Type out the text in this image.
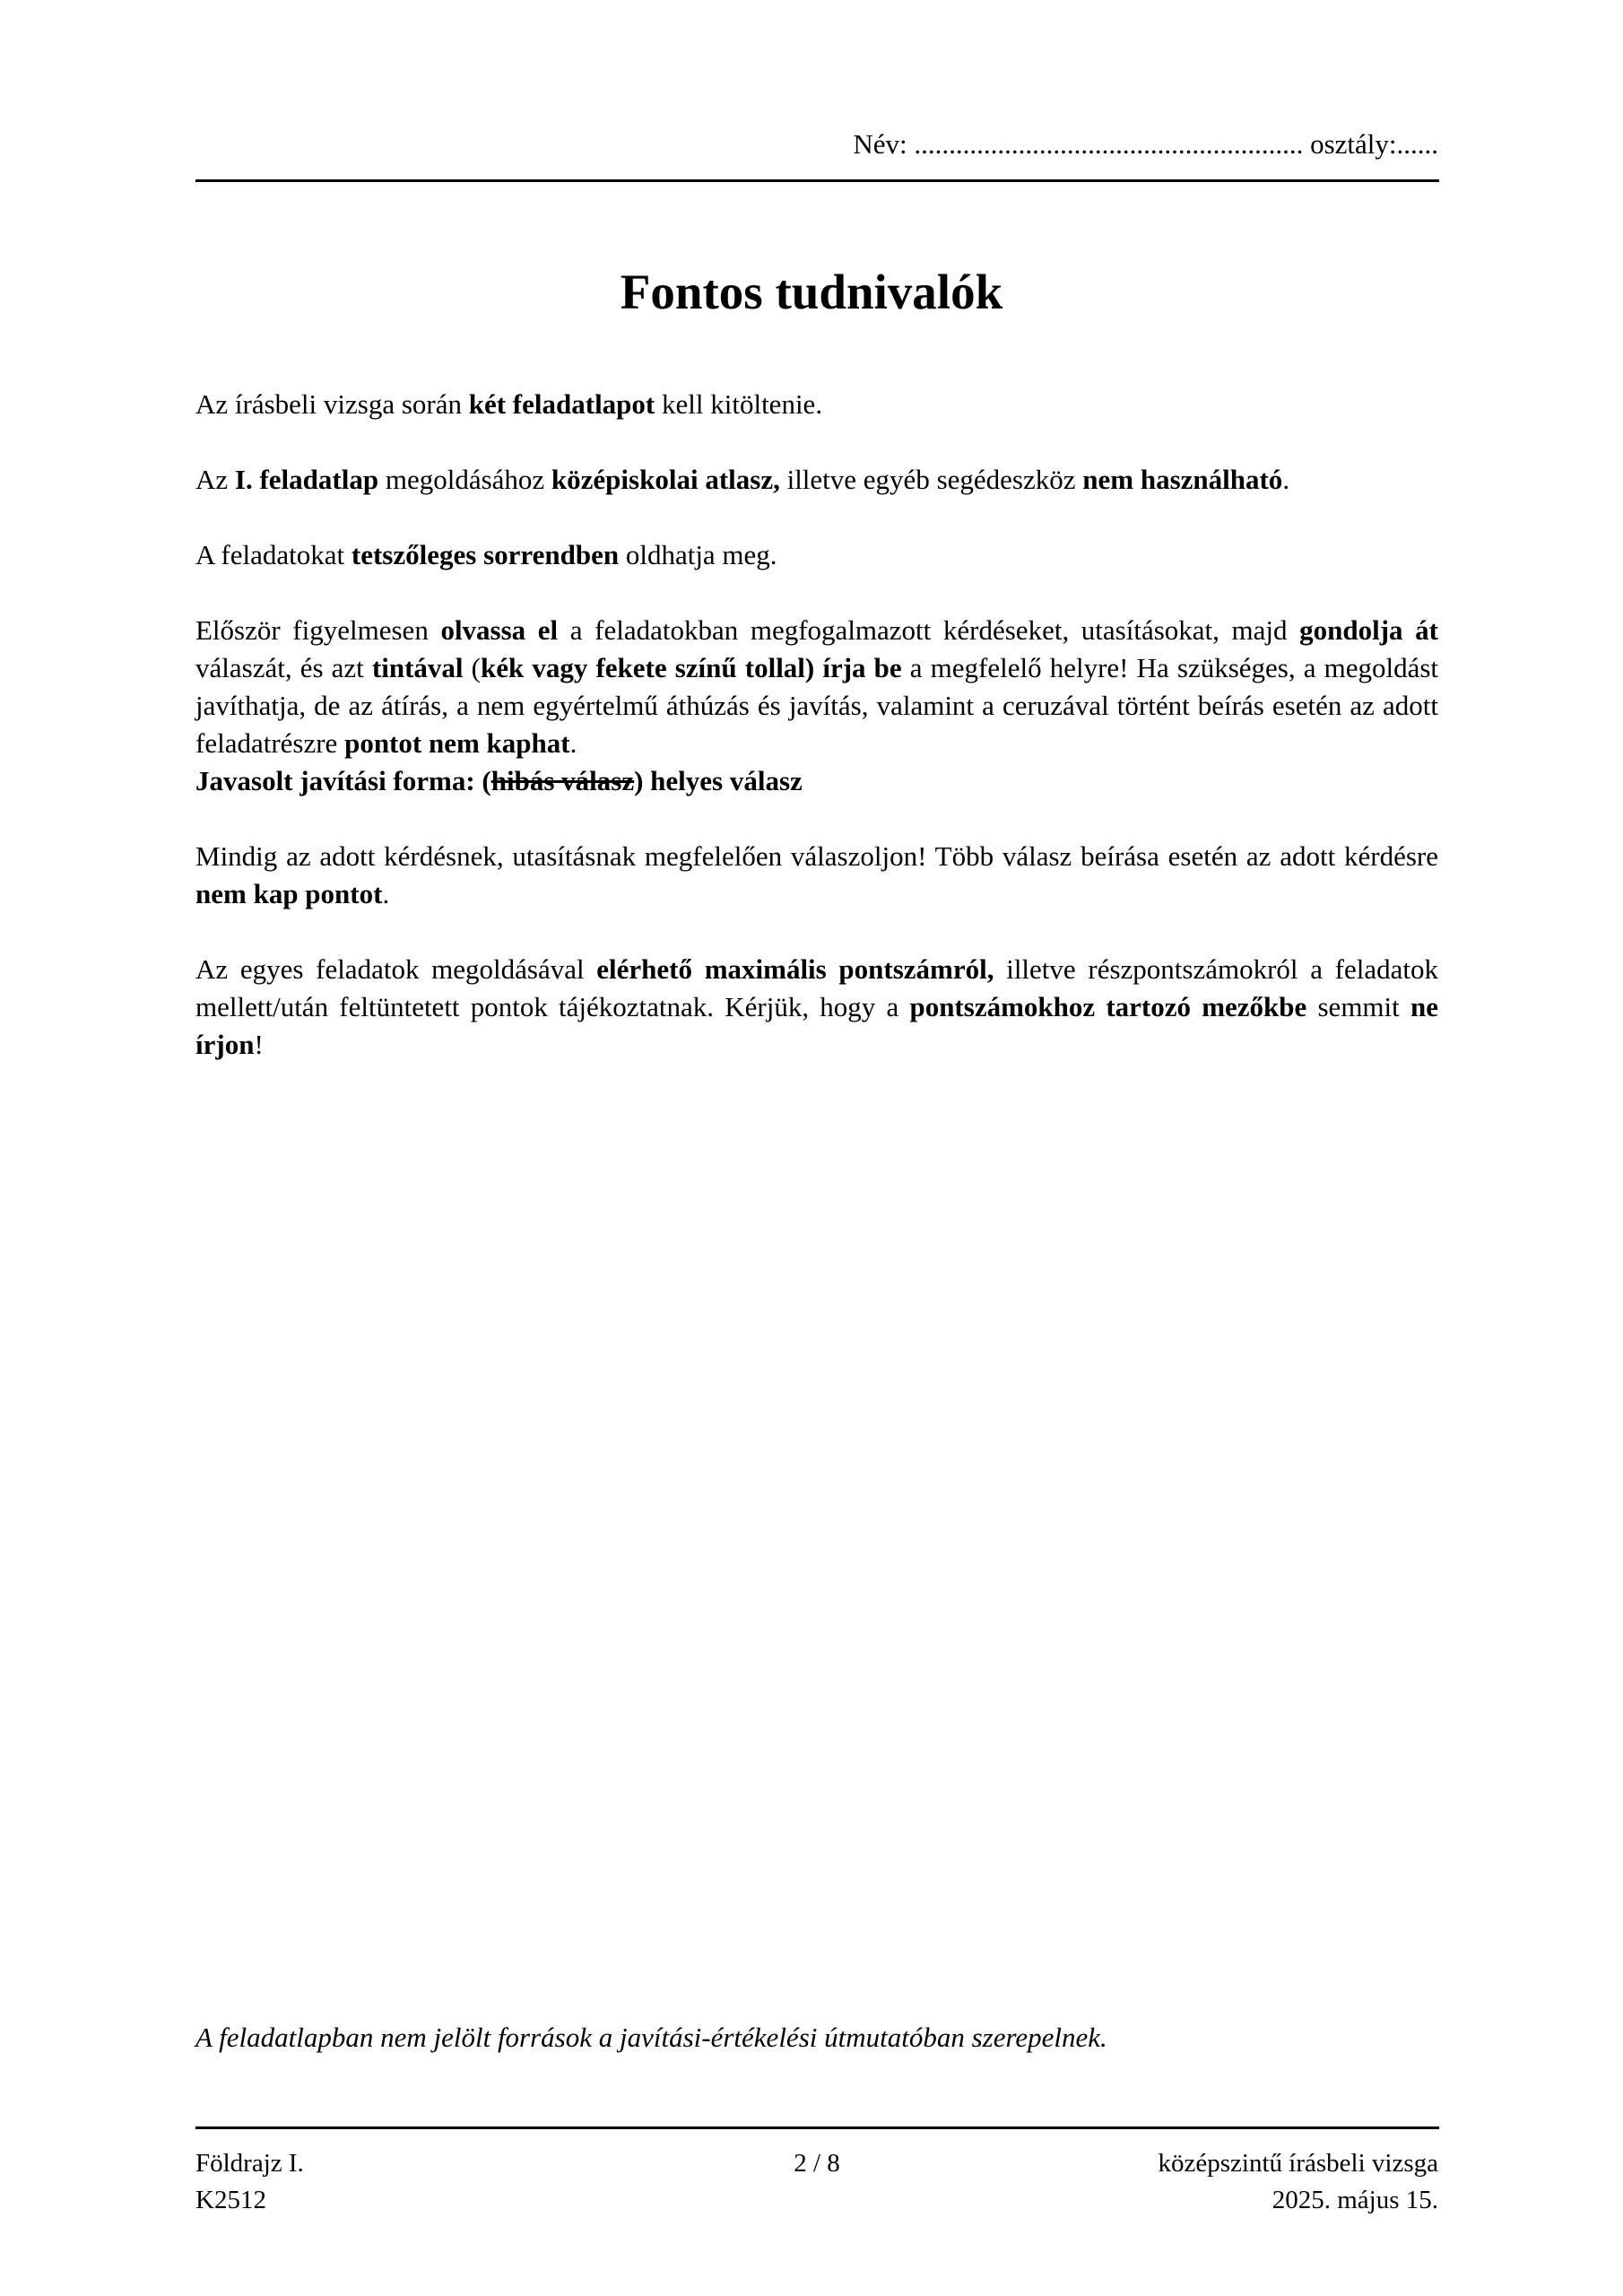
Név: ........................................................ osztály:......
Fontos tudnivalók

Az írásbeli vizsga során két feladatlapot kell kitöltenie.

Az I. feladatlap megoldásához középiskolai atlasz, illetve egyéb segédeszköz nem használható.

A feladatokat tetszőleges sorrendben oldhatja meg.

Először figyelmesen olvassa el a feladatokban megfogalmazott kérdéseket, utasításokat, majd gondolja át válaszát, és azt tintával (kék vagy fekete színű tollal) írja be a megfelelő helyre! Ha szükséges, a megoldást javíthatja, de az átírás, a nem egyértelmű áthúzás és javítás, valamint a ceruzával történt beírás esetén az adott feladatrészre pontot nem kaphat.

Javasolt javítási forma: (hibás válasz) helyes válasz

Mindig az adott kérdésnek, utasításnak megfelelően válaszoljon! Több válasz beírása esetén az adott kérdésre nem kap pontot.

Az egyes feladatok megoldásával elérhető maximális pontszámról, illetve részpontszámokról a feladatok mellett/után feltüntetett pontok tájékoztatnak. Kérjük, hogy a pontszámokhoz tartozó mezőkbe semmit ne írjon!

A feladatlapban nem jelölt források a javítási-értékelési útmutatóban szerepelnek.
2 / 8
Földrajz I.
K2512
középszintű írásbeli vizsga
2025. május 15.
